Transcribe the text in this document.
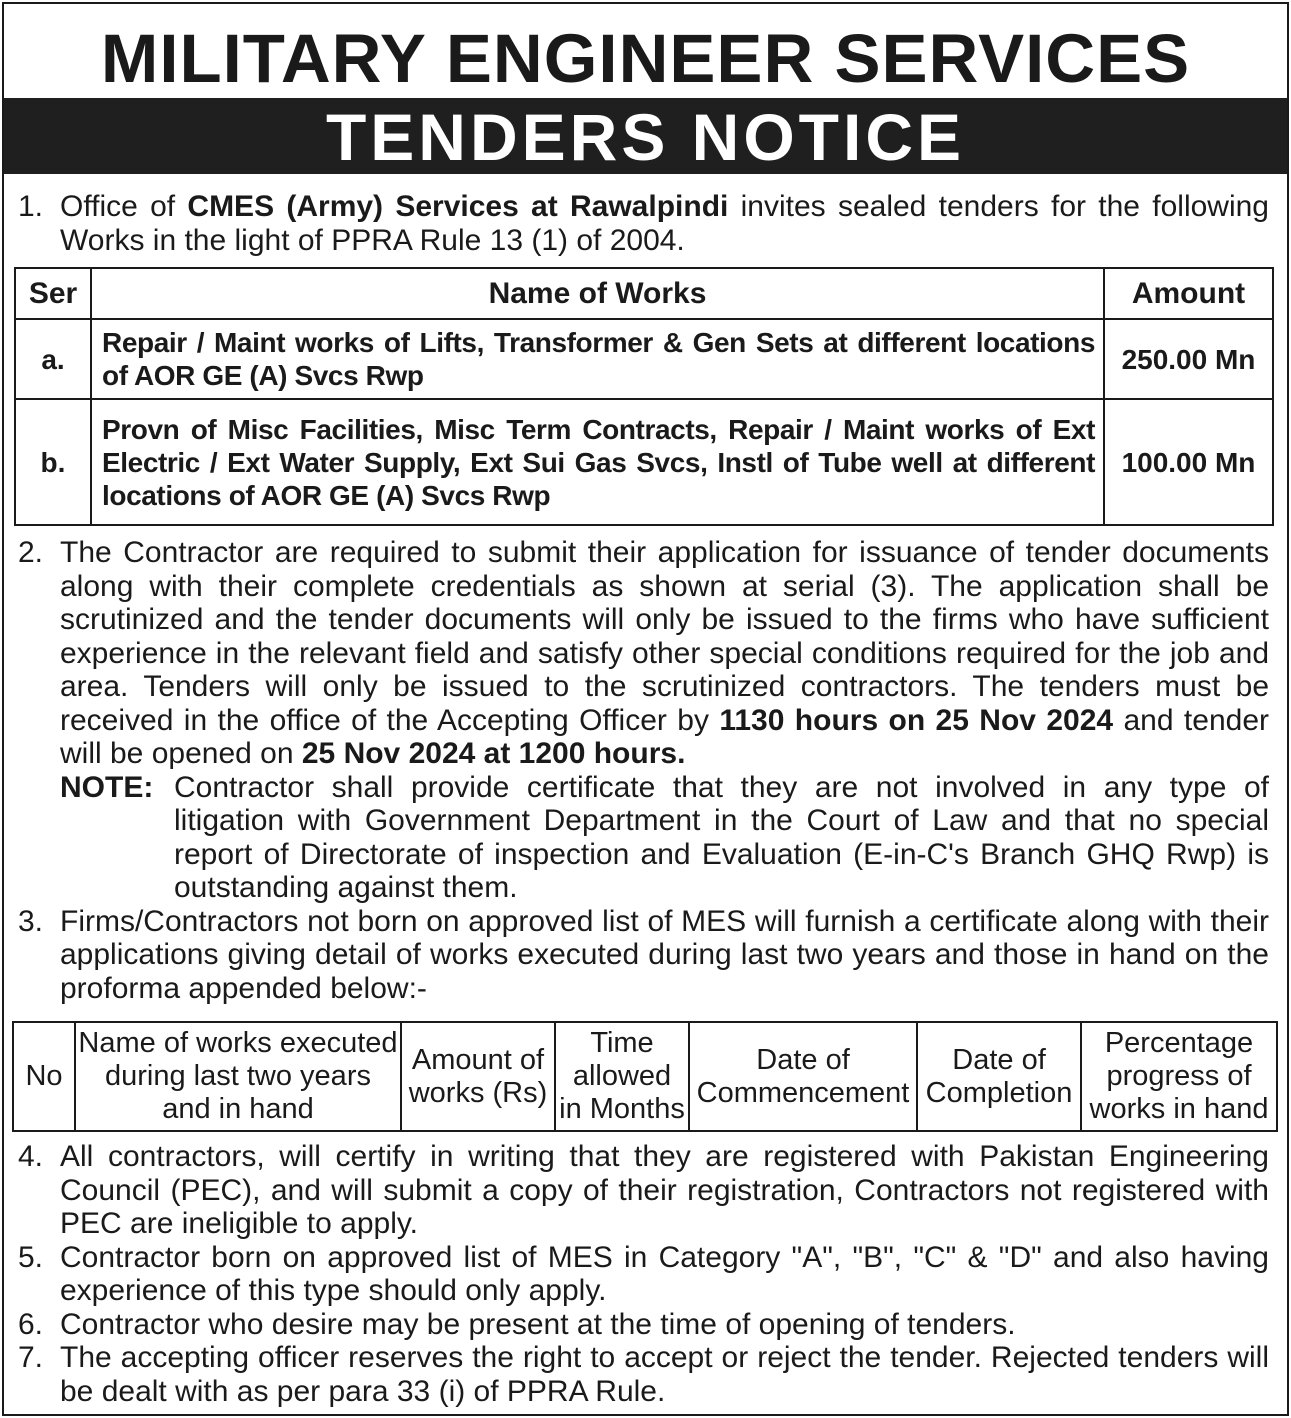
MILITARY ENGINEER SERVICES
TENDERS NOTICE
1. Office of CMES (Army) Services at Rawalpindi invites sealed tenders for the following Works in the light of PPRA Rule 13 (1) of 2004.
Ser	Name of Works	Amount
a.	Repair / Maint works of Lifts, Transformer & Gen Sets at different locations of AOR GE (A) Svcs Rwp	250.00 Mn
b.	Provn of Misc Facilities, Misc Term Contracts, Repair / Maint works of Ext Electric / Ext Water Supply, Ext Sui Gas Svcs, Instl of Tube well at different locations of AOR GE (A) Svcs Rwp	100.00 Mn
2. The Contractor are required to submit their application for issuance of tender documents along with their complete credentials as shown at serial (3). The application shall be scrutinized and the tender documents will only be issued to the firms who have sufficient experience in the relevant field and satisfy other special conditions required for the job and area. Tenders will only be issued to the scrutinized contractors. The tenders must be received in the office of the Accepting Officer by 1130 hours on 25 Nov 2024 and tender will be opened on 25 Nov 2024 at 1200 hours.
NOTE: Contractor shall provide certificate that they are not involved in any type of litigation with Government Department in the Court of Law and that no special report of Directorate of inspection and Evaluation (E-in-C's Branch GHQ Rwp) is outstanding against them.
3. Firms/Contractors not born on approved list of MES will furnish a certificate along with their applications giving detail of works executed during last two years and those in hand on the proforma appended below:-
No	Name of works executed during last two years and in hand	Amount of works (Rs)	Time allowed in Months	Date of Commencement	Date of Completion	Percentage progress of works in hand
4. All contractors, will certify in writing that they are registered with Pakistan Engineering Council (PEC), and will submit a copy of their registration, Contractors not registered with PEC are ineligible to apply.
5. Contractor born on approved list of MES in Category "A", "B", "C" & "D" and also having experience of this type should only apply.
6. Contractor who desire may be present at the time of opening of tenders.
7. The accepting officer reserves the right to accept or reject the tender. Rejected tenders will be dealt with as per para 33 (i) of PPRA Rule.
